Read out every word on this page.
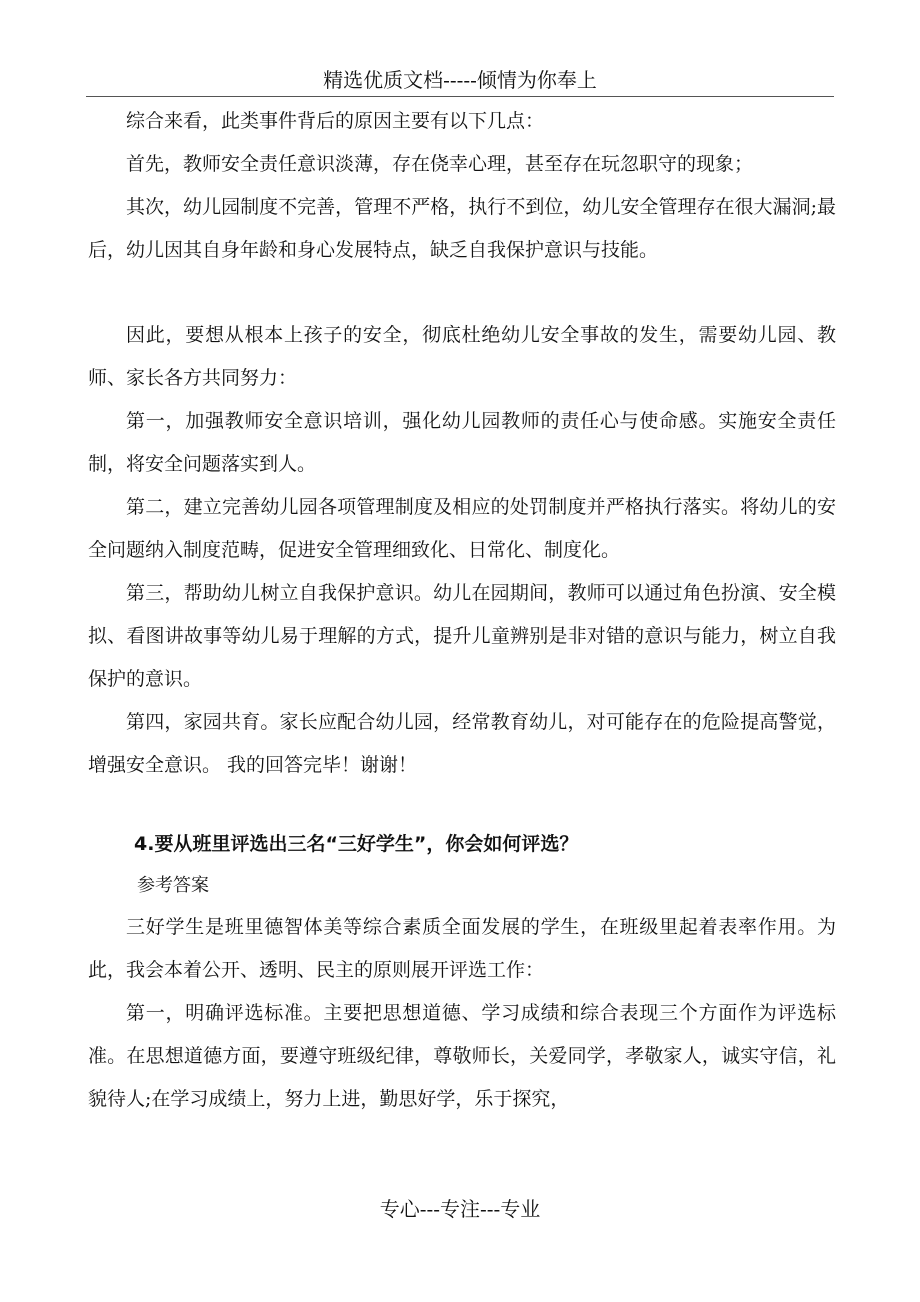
精选优质文档-----倾情为你奉上

综合来看，此类事件背后的原因主要有以下几点：

首先，教师安全责任意识淡薄，存在侥幸心理，甚至存在玩忽职守的现象；

其次，幼儿园制度不完善，管理不严格，执行不到位，幼儿安全管理存在很大漏洞;最后，幼儿因其自身年龄和身心发展特点，缺乏自我保护意识与技能。

因此，要想从根本上孩子的安全，彻底杜绝幼儿安全事故的发生，需要幼儿园、教师、家长各方共同努力：

第一，加强教师安全意识培训，强化幼儿园教师的责任心与使命感。实施安全责任制，将安全问题落实到人。

第二，建立完善幼儿园各项管理制度及相应的处罚制度并严格执行落实。将幼儿的安全问题纳入制度范畴，促进安全管理细致化、日常化、制度化。

第三，帮助幼儿树立自我保护意识。幼儿在园期间，教师可以通过角色扮演、安全模拟、看图讲故事等幼儿易于理解的方式，提升儿童辨别是非对错的意识与能力，树立自我保护的意识。

第四，家园共育。家长应配合幼儿园，经常教育幼儿，对可能存在的危险提高警觉，增强安全意识。 我的回答完毕！谢谢！

4.要从班里评选出三名“三好学生”，你会如何评选？

参考答案

三好学生是班里德智体美等综合素质全面发展的学生，在班级里起着表率作用。为此，我会本着公开、透明、民主的原则展开评选工作：

第一，明确评选标准。主要把思想道德、学习成绩和综合表现三个方面作为评选标准。在思想道德方面，要遵守班级纪律，尊敬师长，关爱同学，孝敬家人，诚实守信，礼貌待人;在学习成绩上，努力上进，勤思好学，乐于探究，

专心---专注---专业
